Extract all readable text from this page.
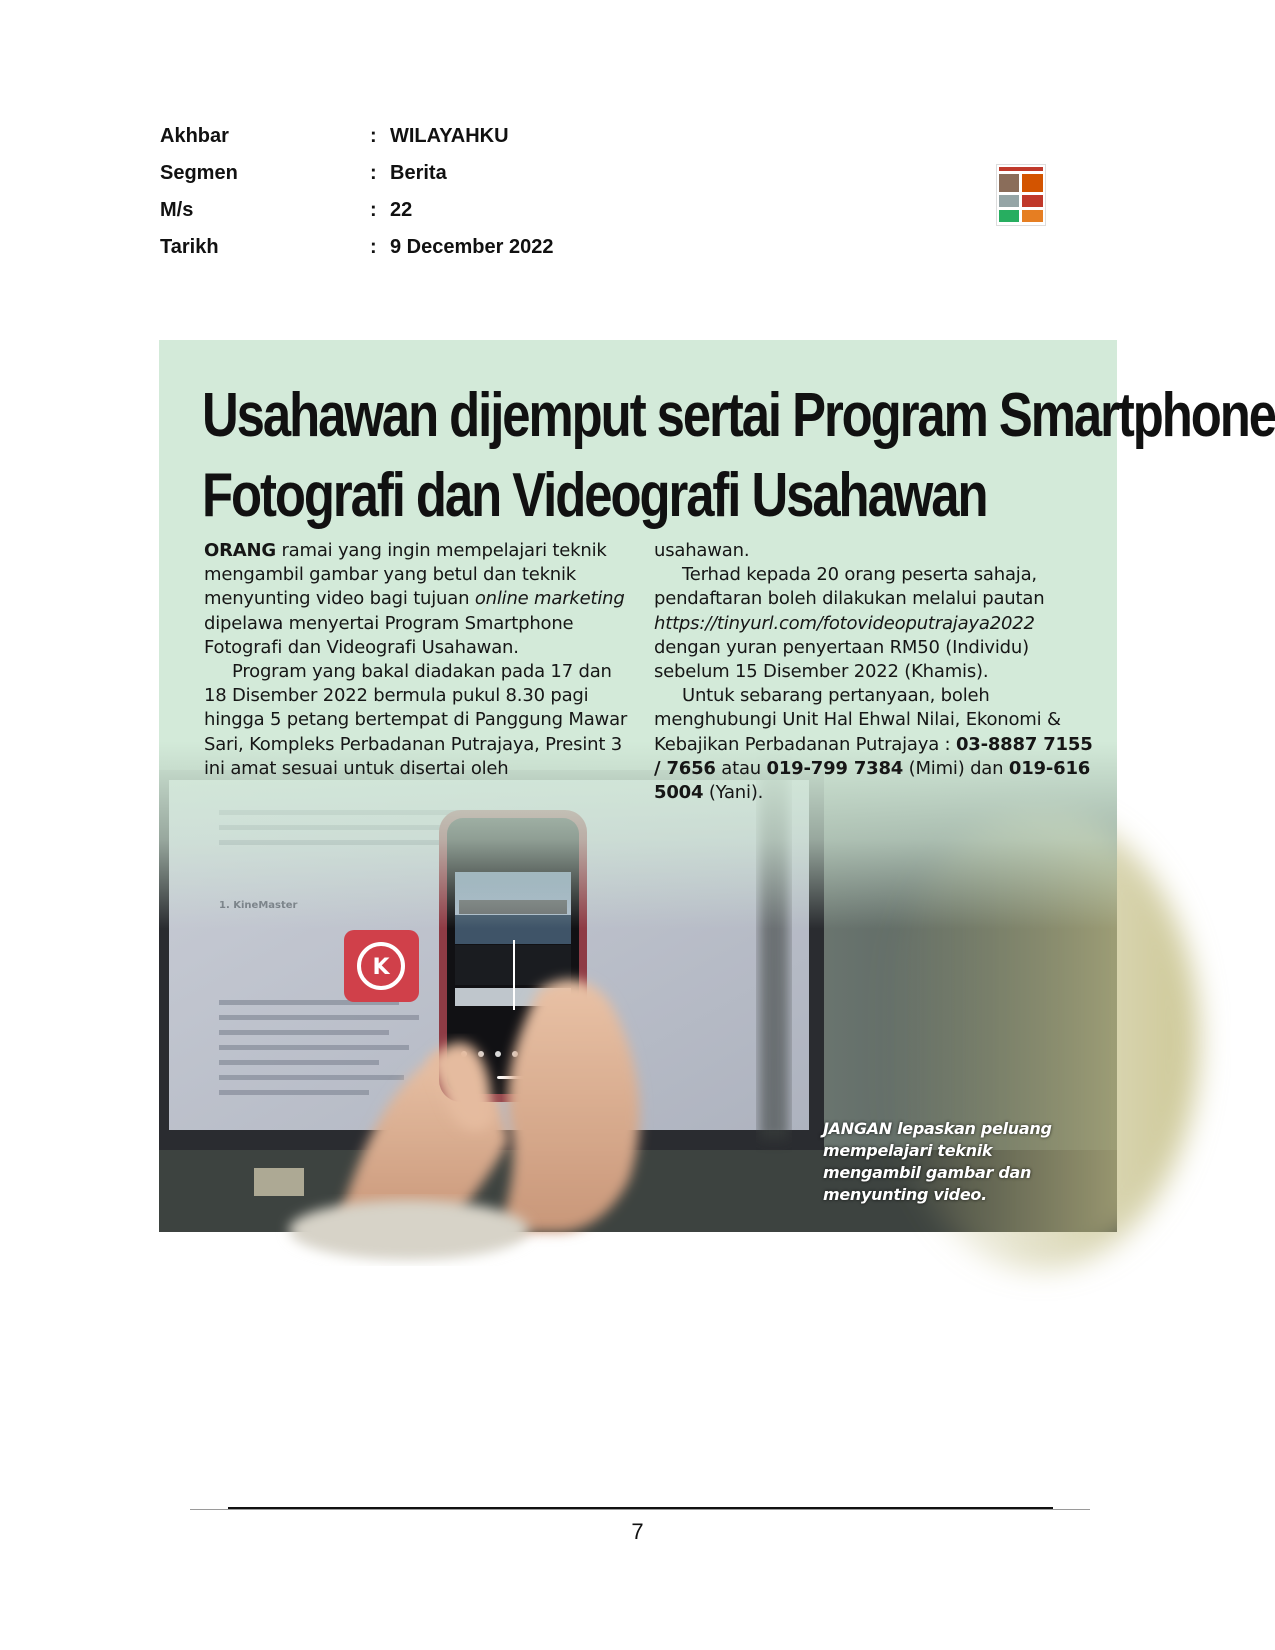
Akhbar	: WILAYAHKU
Segmen	: Berita
M/s	: 22
Tarikh	: 9 December 2022
Usahawan dijemput sertai Program Smartphone
Fotografi dan Videografi Usahawan

ORANG ramai yang ingin mempelajari teknik mengambil gambar yang betul dan teknik menyunting video bagi tujuan online marketing dipelawa menyertai Program Smartphone Fotografi dan Videografi Usahawan.

Program yang bakal diadakan pada 17 dan 18 Disember 2022 bermula pukul 8.30 pagi hingga 5 petang bertempat di Panggung Mawar Sari, Kompleks Perbadanan Putrajaya, Presint 3 ini amat sesuai untuk disertai oleh

usahawan.

Terhad kepada 20 orang peserta sahaja, pendaftaran boleh dilakukan melalui pautan https://tinyurl.com/fotovideoputrajaya2022 dengan yuran penyertaan RM50 (Individu) sebelum 15 Disember 2022 (Khamis).

Untuk sebarang pertanyaan, boleh menghubungi Unit Hal Ehwal Nilai, Ekonomi & Kebajikan Perbadanan Putrajaya : 03-8887 7155 / 7656 atau 019-799 7384 (Mimi) dan 019-616 5004 (Yani).

JANGAN lepaskan peluang mempelajari teknik mengambil gambar dan menyunting video.
7
